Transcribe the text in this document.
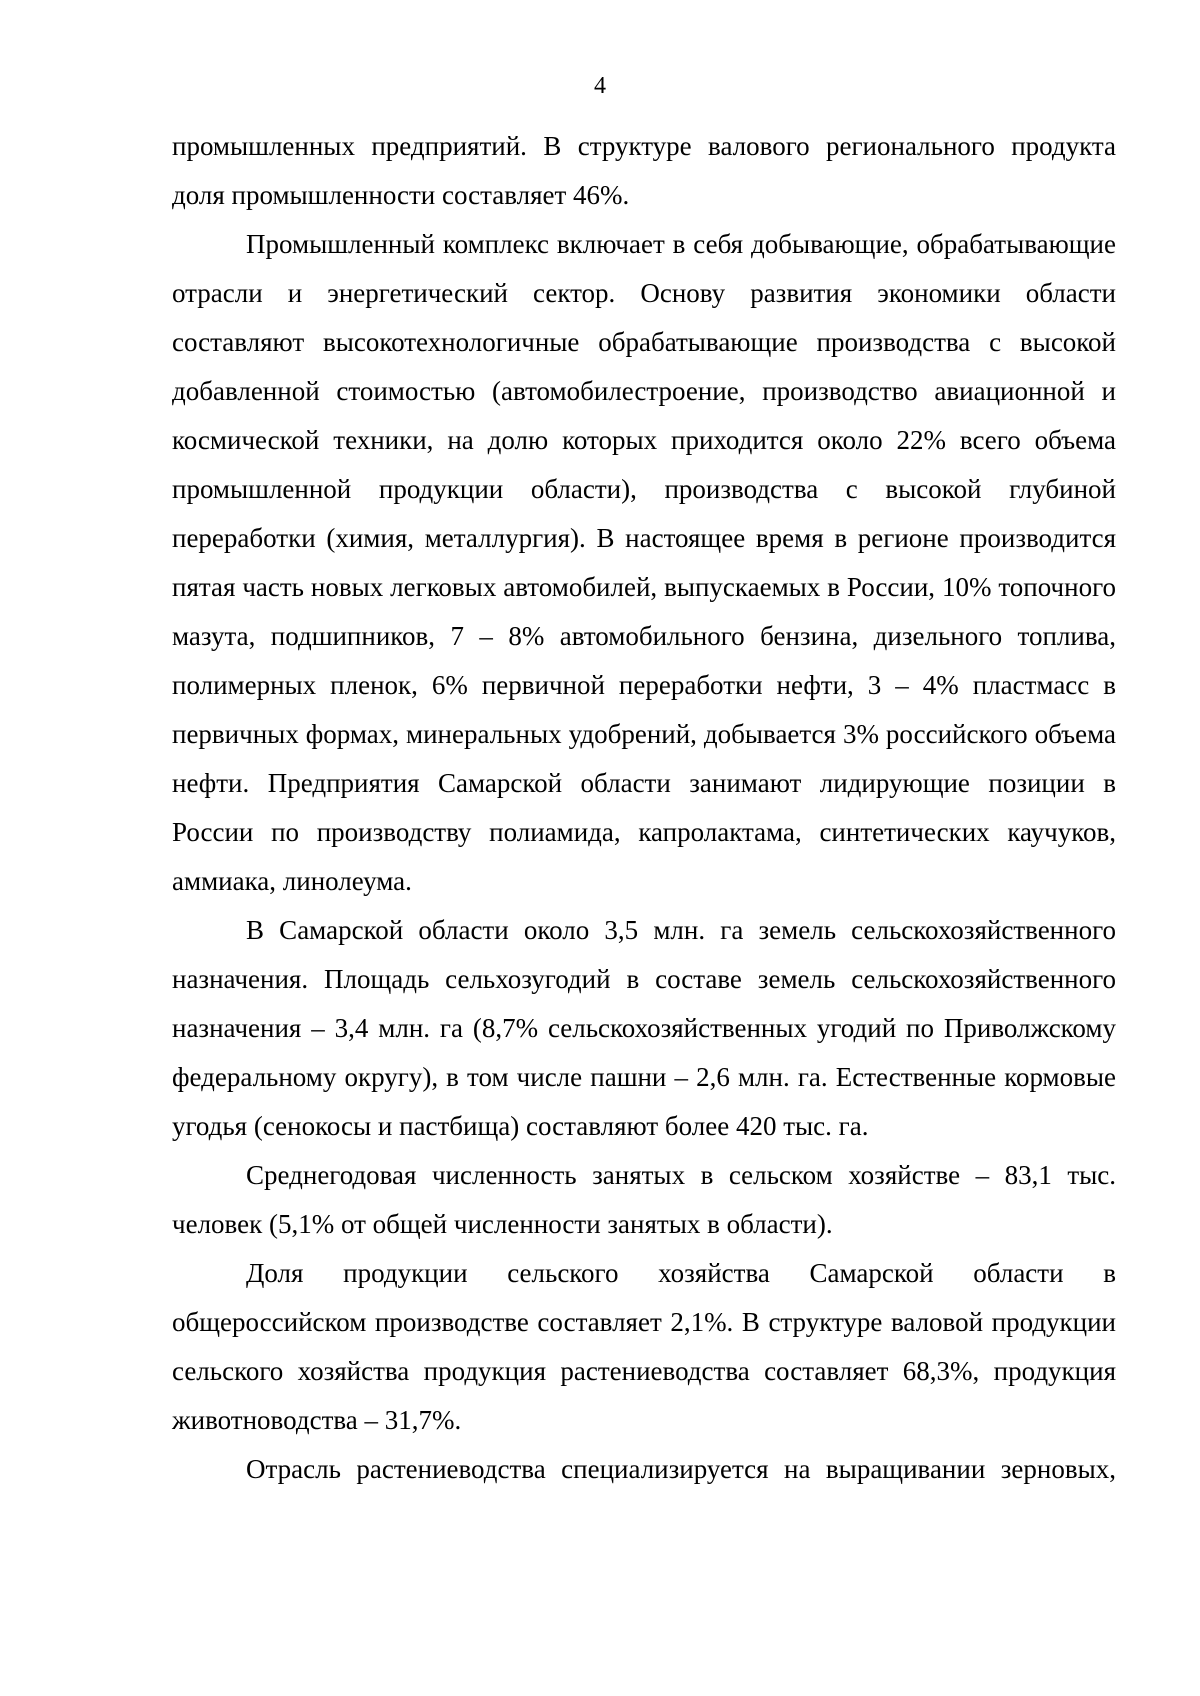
4

промышленных предприятий. В структуре валового регионального продукта доля промышленности составляет 46%.

Промышленный комплекс включает в себя добывающие, обрабатывающие отрасли и энергетический сектор. Основу развития экономики области составляют высокотехнологичные обрабатывающие производства с высокой добавленной стоимостью (автомобилестроение, производство авиационной и космической техники, на долю которых приходится около 22% всего объема промышленной продукции области), производства с высокой глубиной переработки (химия, металлургия). В настоящее время в регионе производится пятая часть новых легковых автомобилей, выпускаемых в России, 10% топочного мазута, подшипников, 7 – 8% автомобильного бензина, дизельного топлива, полимерных пленок, 6% первичной переработки нефти, 3 – 4% пластмасс в первичных формах, минеральных удобрений, добывается 3% российского объема нефти. Предприятия Самарской области занимают лидирующие позиции в России по производству полиамида, капролактама, синтетических каучуков, аммиака, линолеума.

В Самарской области около 3,5 млн. га земель сельскохозяйственного назначения. Площадь сельхозугодий в составе земель сельскохозяйственного назначения – 3,4 млн. га (8,7% сельскохозяйственных угодий по Приволжскому федеральному округу), в том числе пашни – 2,6 млн. га. Естественные кормовые угодья (сенокосы и пастбища) составляют более 420 тыс. га.

Среднегодовая численность занятых в сельском хозяйстве – 83,1 тыс. человек (5,1% от общей численности занятых в области).

Доля продукции сельского хозяйства Самарской области в общероссийском производстве составляет 2,1%. В структуре валовой продукции сельского хозяйства продукция растениеводства составляет 68,3%, продукция животноводства – 31,7%.

Отрасль растениеводства специализируется на выращивании зерновых,
